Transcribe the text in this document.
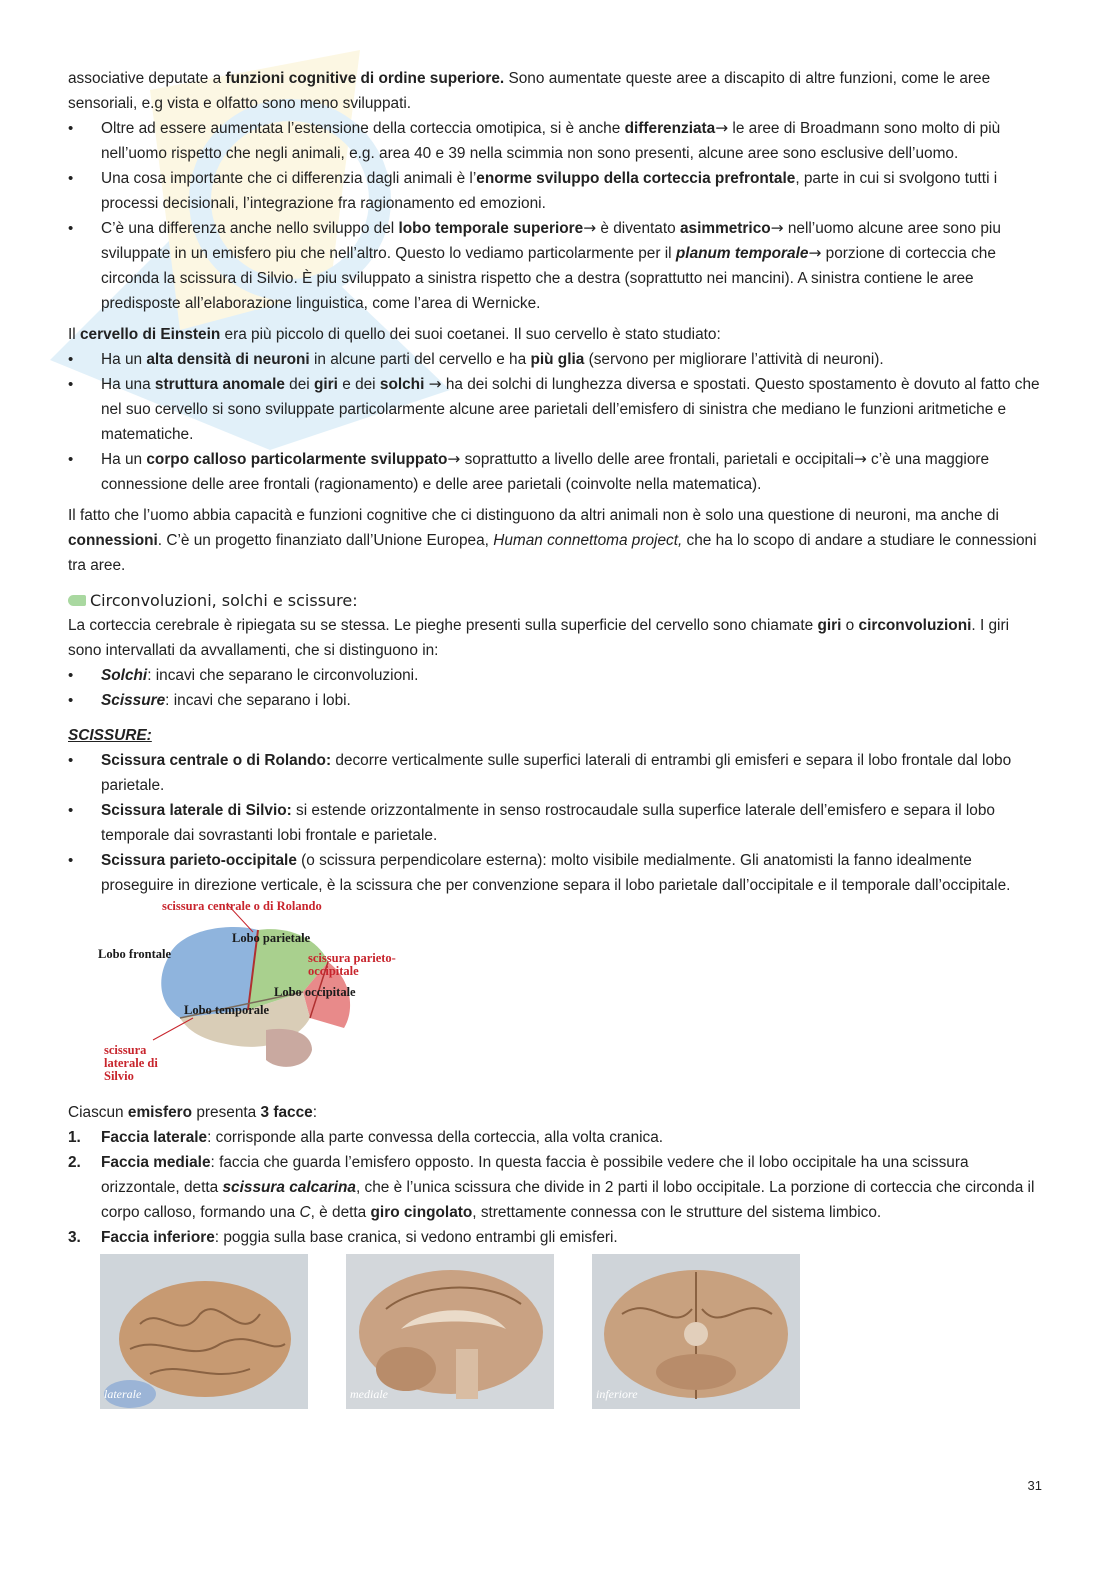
associative deputate a funzioni cognitive di ordine superiore. Sono aumentate queste aree a discapito di altre funzioni, come le aree sensoriali, e.g vista e olfatto sono meno sviluppati.

• Oltre ad essere aumentata l’estensione della corteccia omotipica, si è anche differenziata→ le aree di Broadmann sono molto di più nell’uomo rispetto che negli animali, e.g. area 40 e 39 nella scimmia non sono presenti, alcune aree sono esclusive dell’uomo.
• Una cosa importante che ci differenzia dagli animali è l’enorme sviluppo della corteccia prefrontale, parte in cui si svolgono tutti i processi decisionali, l’integrazione fra ragionamento ed emozioni.
• C’è una differenza anche nello sviluppo del lobo temporale superiore→ è diventato asimmetrico→ nell’uomo alcune aree sono piu sviluppate in un emisfero piu che nell’altro. Questo lo vediamo particolarmente per il planum temporale→ porzione di corteccia che circonda la scissura di Silvio. È piu sviluppato a sinistra rispetto che a destra (soprattutto nei mancini). A sinistra contiene le aree predisposte all’elaborazione linguistica, come l’area di Wernicke.

Il cervello di Einstein era più piccolo di quello dei suoi coetanei. Il suo cervello è stato studiato:

• Ha un alta densità di neuroni in alcune parti del cervello e ha più glia (servono per migliorare l’attività di neuroni).
• Ha una struttura anomale dei giri e dei solchi → ha dei solchi di lunghezza diversa e spostati. Questo spostamento è dovuto al fatto che nel suo cervello si sono sviluppate particolarmente alcune aree parietali dell’emisfero di sinistra che mediano le funzioni aritmetiche e matematiche.
• Ha un corpo calloso particolarmente sviluppato→ soprattutto a livello delle aree frontali, parietali e occipitali→ c’è una maggiore connessione delle aree frontali (ragionamento) e delle aree parietali (coinvolte nella matematica).

Il fatto che l’uomo abbia capacità e funzioni cognitive che ci distinguono da altri animali non è solo una questione di neuroni, ma anche di connessioni. C’è un progetto finanziato dall’Unione Europea, Human connettoma project, che ha lo scopo di andare a studiare le connessioni tra aree.

Circonvoluzioni, solchi e scissure :

La corteccia cerebrale è ripiegata su se stessa. Le pieghe presenti sulla superficie del cervello sono chiamate giri o circonvoluzioni. I giri sono intervallati da avvallamenti, che si distinguono in:

• Solchi: incavi che separano le circonvoluzioni.
• Scissure: incavi che separano i lobi.

SCISSURE:

• Scissura centrale o di Rolando: decorre verticalmente sulle superfici laterali di entrambi gli emisferi e separa il lobo frontale dal lobo parietale.
• Scissura laterale di Silvio: si estende orizzontalmente in senso rostrocaudale sulla superfice laterale dell’emisfero e separa il lobo temporale dai sovrastanti lobi frontale e parietale.
• Scissura parieto-occipitale (o scissura perpendicolare esterna): molto visibile medialmente. Gli anatomisti la fanno idealmente proseguire in direzione verticale, è la scissura che per convenzione separa il lobo parietale dall’occipitale e il temporale dall’occipitale.
scissura centrale o di Rolando
Lobo frontale
Lobo parietale
scissura parieto-
occipitale
Lobo occipitale
Lobo temporale
scissura
laterale di
Silvio

Ciascun emisfero presenta 3 facce:

1. Faccia laterale: corrisponde alla parte convessa della corteccia, alla volta cranica.
2. Faccia mediale: faccia che guarda l’emisfero opposto. In questa faccia è possibile vedere che il lobo occipitale ha una scissura orizzontale, detta scissura calcarina, che è l’unica scissura che divide in 2 parti il lobo occipitale. La porzione di corteccia che circonda il corpo calloso, formando una C, è detta giro cingolato, strettamente connessa con le strutture del sistema limbico.
3. Faccia inferiore: poggia sulla base cranica, si vedono entrambi gli emisferi.
laterale	mediale	inferiore
31
